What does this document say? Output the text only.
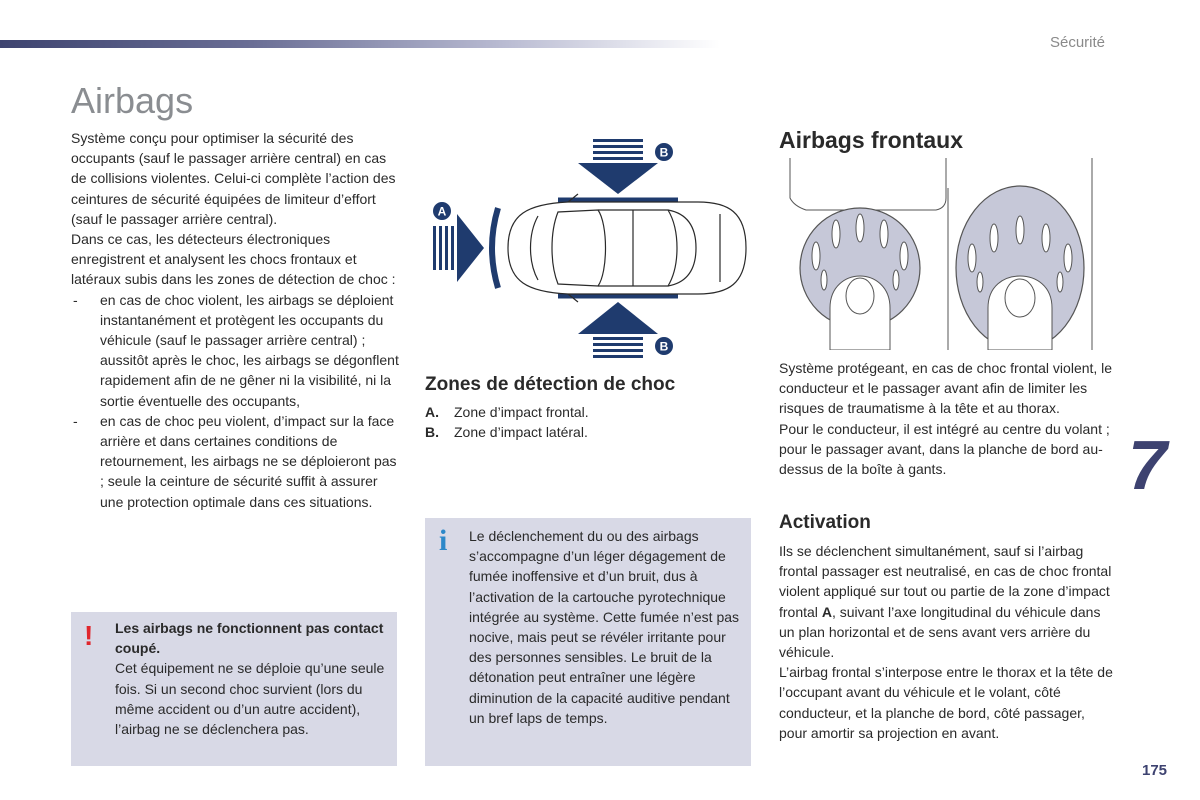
Sécurité
Airbags

Système conçu pour optimiser la sécurité des occupants (sauf le passager arrière central) en cas de collisions violentes. Celui-ci complète l’action des ceintures de sécurité équipées de limiteur d’effort (sauf le passager arrière central).

Dans ce cas, les détecteurs électroniques enregistrent et analysent les chocs frontaux et latéraux subis dans les zones de détection de choc :

- en cas de choc violent, les airbags se déploient instantanément et protègent les occupants du véhicule (sauf le passager arrière central) ; aussitôt après le choc, les airbags se dégonflent rapidement afin de ne gêner ni la visibilité, ni la sortie éventuelle des occupants,
- en cas de choc peu violent, d’impact sur la face arrière et dans certaines conditions de retournement, les airbags ne se déploieront pas ; seule la ceinture de sécurité suffit à assurer une protection optimale dans ces situations.
! Les airbags ne fonctionnent pas contact coupé.
Cet équipement ne se déploie qu’une seule fois. Si un second choc survient (lors du même accident ou d’un autre accident), l’airbag ne se déclenchera pas.
B
B
A
Zones de détection de choc
A.	Zone d’impact frontal.
B.	Zone d’impact latéral.
i Le déclenchement du ou des airbags s’accompagne d’un léger dégagement de fumée inoffensive et d’un bruit, dus à l’activation de la cartouche pyrotechnique intégrée au système. Cette fumée n’est pas nocive, mais peut se révéler irritante pour des personnes sensibles. Le bruit de la détonation peut entraîner une légère diminution de la capacité auditive pendant un bref laps de temps.

Airbags frontaux

Système protégeant, en cas de choc frontal violent, le conducteur et le passager avant afin de limiter les risques de traumatisme à la tête et au thorax.

Pour le conducteur, il est intégré au centre du volant ; pour le passager avant, dans la planche de bord au-dessus de la boîte à gants.

Activation

Ils se déclenchent simultanément, sauf si l’airbag frontal passager est neutralisé, en cas de choc frontal violent appliqué sur tout ou partie de la zone d’impact frontal A, suivant l’axe longitudinal du véhicule dans un plan horizontal et de sens avant vers arrière du véhicule.

L’airbag frontal s’interpose entre le thorax et la tête de l’occupant avant du véhicule et le volant, côté conducteur, et la planche de bord, côté passager, pour amortir sa projection en avant.

7
175
